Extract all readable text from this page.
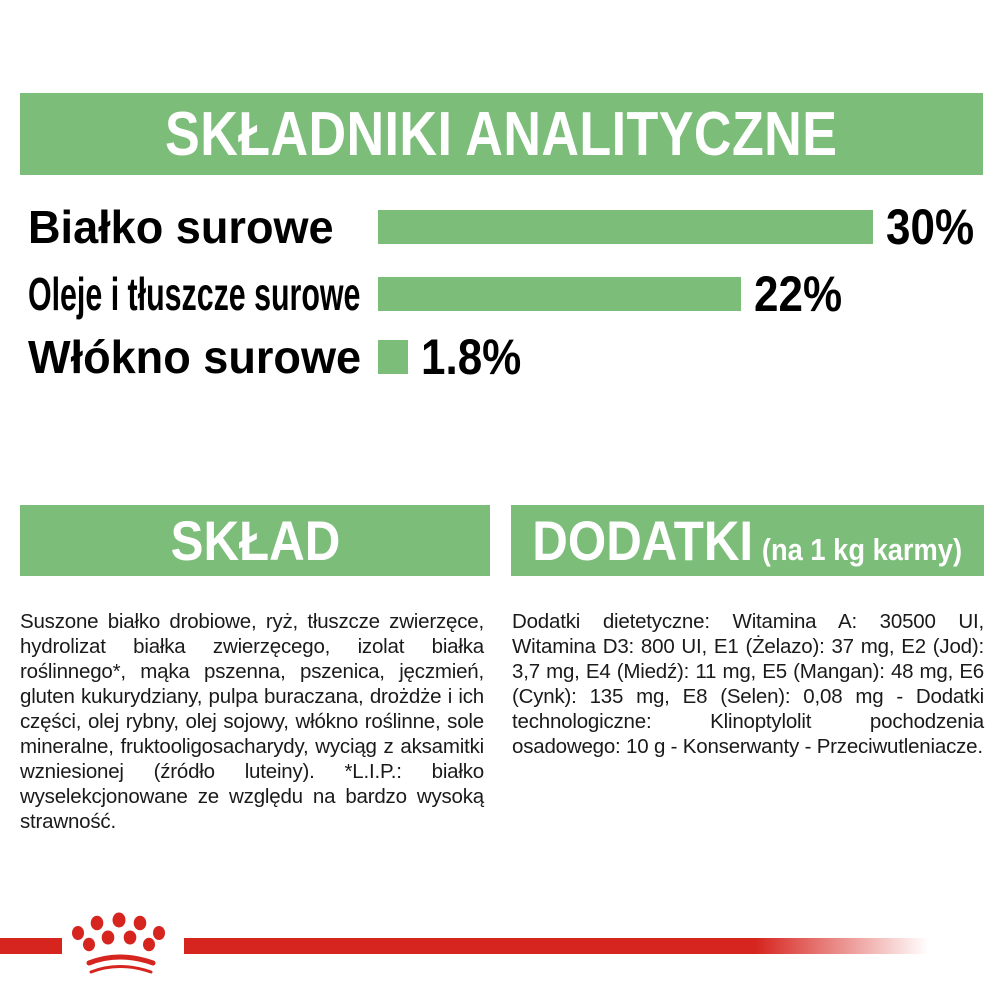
SKŁADNIKI ANALITYCZNE
Białko surowe	30%
Oleje i tłuszcze surowe	22%
Włókno surowe 1.8%
SKŁAD

Suszone białko drobiowe, ryż, tłuszcze zwierzęce, hydrolizat białka zwierzęcego, izolat białka roślinnego*, mąka pszenna, pszenica, jęczmień, gluten kukurydziany, pulpa buraczana, drożdże i ich części, olej rybny, olej sojowy, włókno roślinne, sole mineralne, fruktooligosacharydy, wyciąg z aksamitki wzniesionej (źródło luteiny). *L.I.P.: białko wyselekcjonowane ze względu na bardzo wysoką strawność.

DODATKI (na 1 kg karmy)

Dodatki dietetyczne: Witamina A: 30500 UI, Witamina D3: 800 UI, E1 (Żelazo): 37 mg, E2 (Jod): 3,7 mg, E4 (Miedź): 11 mg, E5 (Mangan): 48 mg, E6 (Cynk): 135 mg, E8 (Selen): 0,08 mg - Dodatki technologiczne: Klinoptylolit pochodzenia osadowego: 10 g - Konserwanty - Przeciwutleniacze.
